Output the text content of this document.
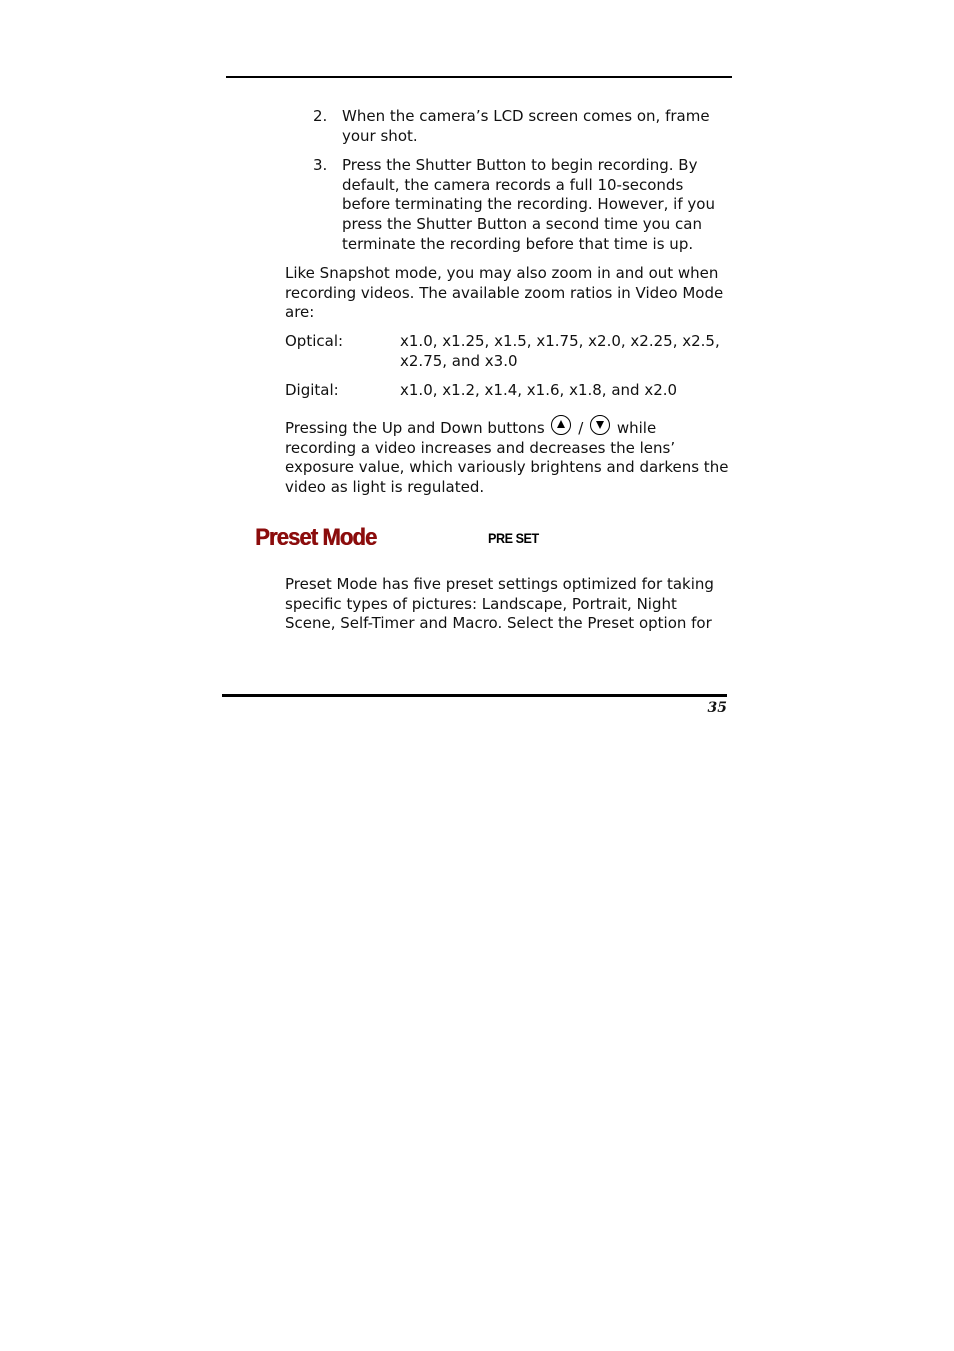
2. When the camera’s LCD screen comes on, frame your shot.
3. Press the Shutter Button to begin recording. By default, the camera records a full 10-seconds before terminating the recording. However, if you press the Shutter Button a second time you can terminate the recording before that time is up.
Like Snapshot mode, you may also zoom in and out when recording videos. The available zoom ratios in Video Mode are:
Optical:	x1.0, x1.25, x1.5, x1.75, x2.0, x2.25, x2.5, x2.75, and x3.0
Digital:	x1.0, x1.2, x1.4, x1.6, x1.8, and x2.0
Pressing the Up and Down buttons / while recording a video increases and decreases the lens’ exposure value, which variously brightens and darkens the video as light is regulated.
Preset Mode	PRE SET
Preset Mode has five preset settings optimized for taking specific types of pictures: Landscape, Portrait, Night Scene, Self-Timer and Macro. Select the Preset option for
35
